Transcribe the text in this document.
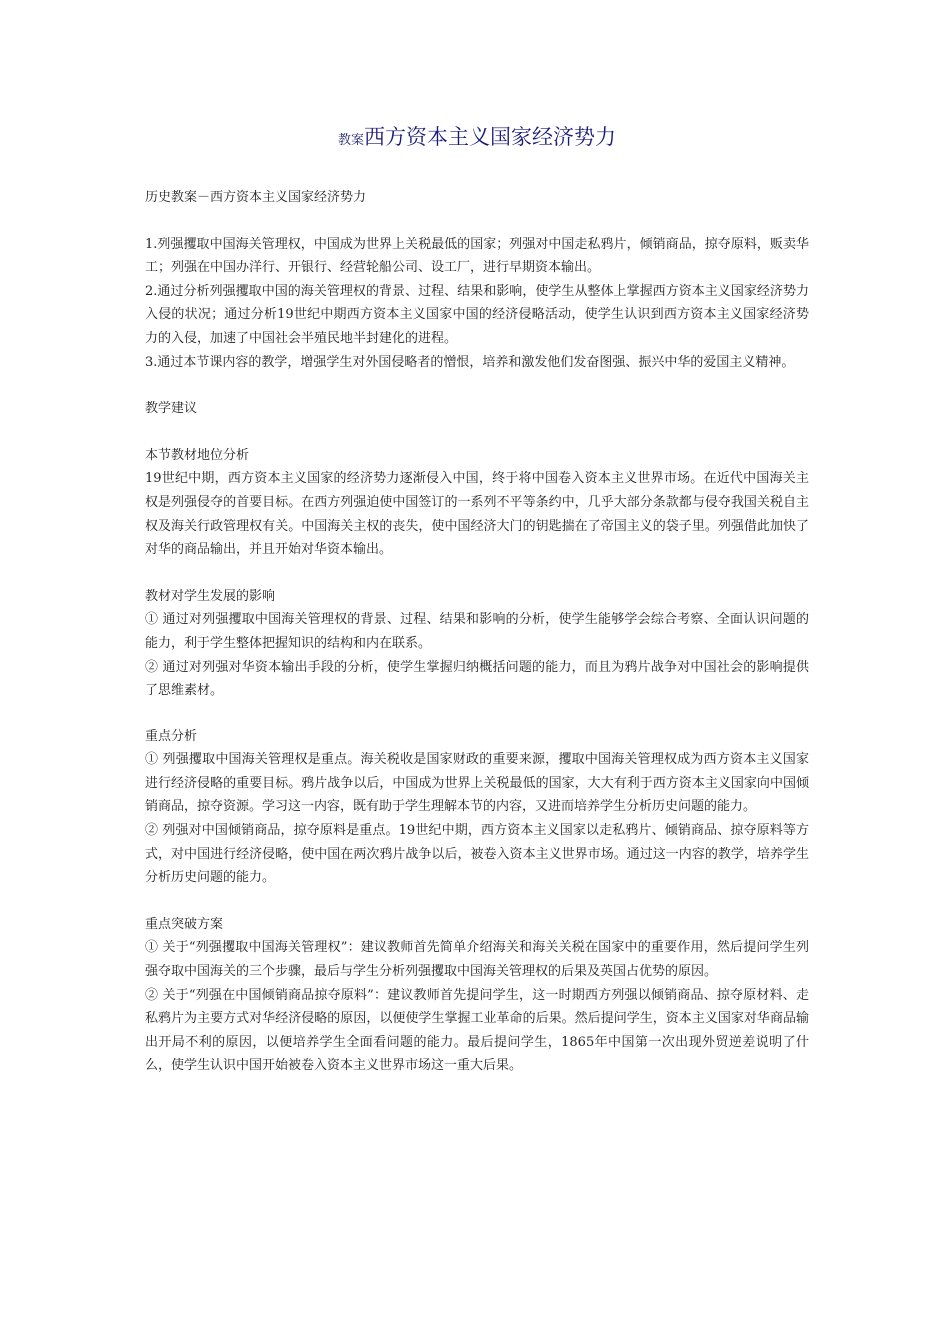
教案西方资本主义国家经济势力

历史教案－西方资本主义国家经济势力

1.列强攫取中国海关管理权，中国成为世界上关税最低的国家；列强对中国走私鸦片，倾销商品，掠夺原料，贩卖华工；列强在中国办洋行、开银行、经营轮船公司、设工厂，进行早期资本输出。

2.通过分析列强攫取中国的海关管理权的背景、过程、结果和影响，使学生从整体上掌握西方资本主义国家经济势力入侵的状况；通过分析19世纪中期西方资本主义国家中国的经济侵略活动，使学生认识到西方资本主义国家经济势力的入侵，加速了中国社会半殖民地半封建化的进程。

3.通过本节课内容的教学，增强学生对外国侵略者的憎恨，培养和激发他们发奋图强、振兴中华的爱国主义精神。

教学建议

本节教材地位分析

19世纪中期，西方资本主义国家的经济势力逐渐侵入中国，终于将中国卷入资本主义世界市场。在近代中国海关主权是列强侵夺的首要目标。在西方列强迫使中国签订的一系列不平等条约中，几乎大部分条款都与侵夺我国关税自主权及海关行政管理权有关。中国海关主权的丧失，使中国经济大门的钥匙揣在了帝国主义的袋子里。列强借此加快了对华的商品输出，并且开始对华资本输出。

教材对学生发展的影响

① 通过对列强攫取中国海关管理权的背景、过程、结果和影响的分析，使学生能够学会综合考察、全面认识问题的能力，利于学生整体把握知识的结构和内在联系。

② 通过对列强对华资本输出手段的分析，使学生掌握归纳概括问题的能力，而且为鸦片战争对中国社会的影响提供了思维素材。

重点分析

① 列强攫取中国海关管理权是重点。海关税收是国家财政的重要来源，攫取中国海关管理权成为西方资本主义国家进行经济侵略的重要目标。鸦片战争以后，中国成为世界上关税最低的国家，大大有利于西方资本主义国家向中国倾销商品，掠夺资源。学习这一内容，既有助于学生理解本节的内容，又进而培养学生分析历史问题的能力。

② 列强对中国倾销商品，掠夺原料是重点。19世纪中期，西方资本主义国家以走私鸦片、倾销商品、掠夺原料等方式，对中国进行经济侵略，使中国在两次鸦片战争以后，被卷入资本主义世界市场。通过这一内容的教学，培养学生分析历史问题的能力。

重点突破方案

① 关于“列强攫取中国海关管理权”：建议教师首先简单介绍海关和海关关税在国家中的重要作用，然后提问学生列强夺取中国海关的三个步骤，最后与学生分析列强攫取中国海关管理权的后果及英国占优势的原因。

② 关于“列强在中国倾销商品掠夺原料”：建议教师首先提问学生，这一时期西方列强以倾销商品、掠夺原材料、走私鸦片为主要方式对华经济侵略的原因，以便使学生掌握工业革命的后果。然后提问学生，资本主义国家对华商品输出开局不利的原因，以便培养学生全面看问题的能力。最后提问学生，1865年中国第一次出现外贸逆差说明了什么，使学生认识中国开始被卷入资本主义世界市场这一重大后果。
